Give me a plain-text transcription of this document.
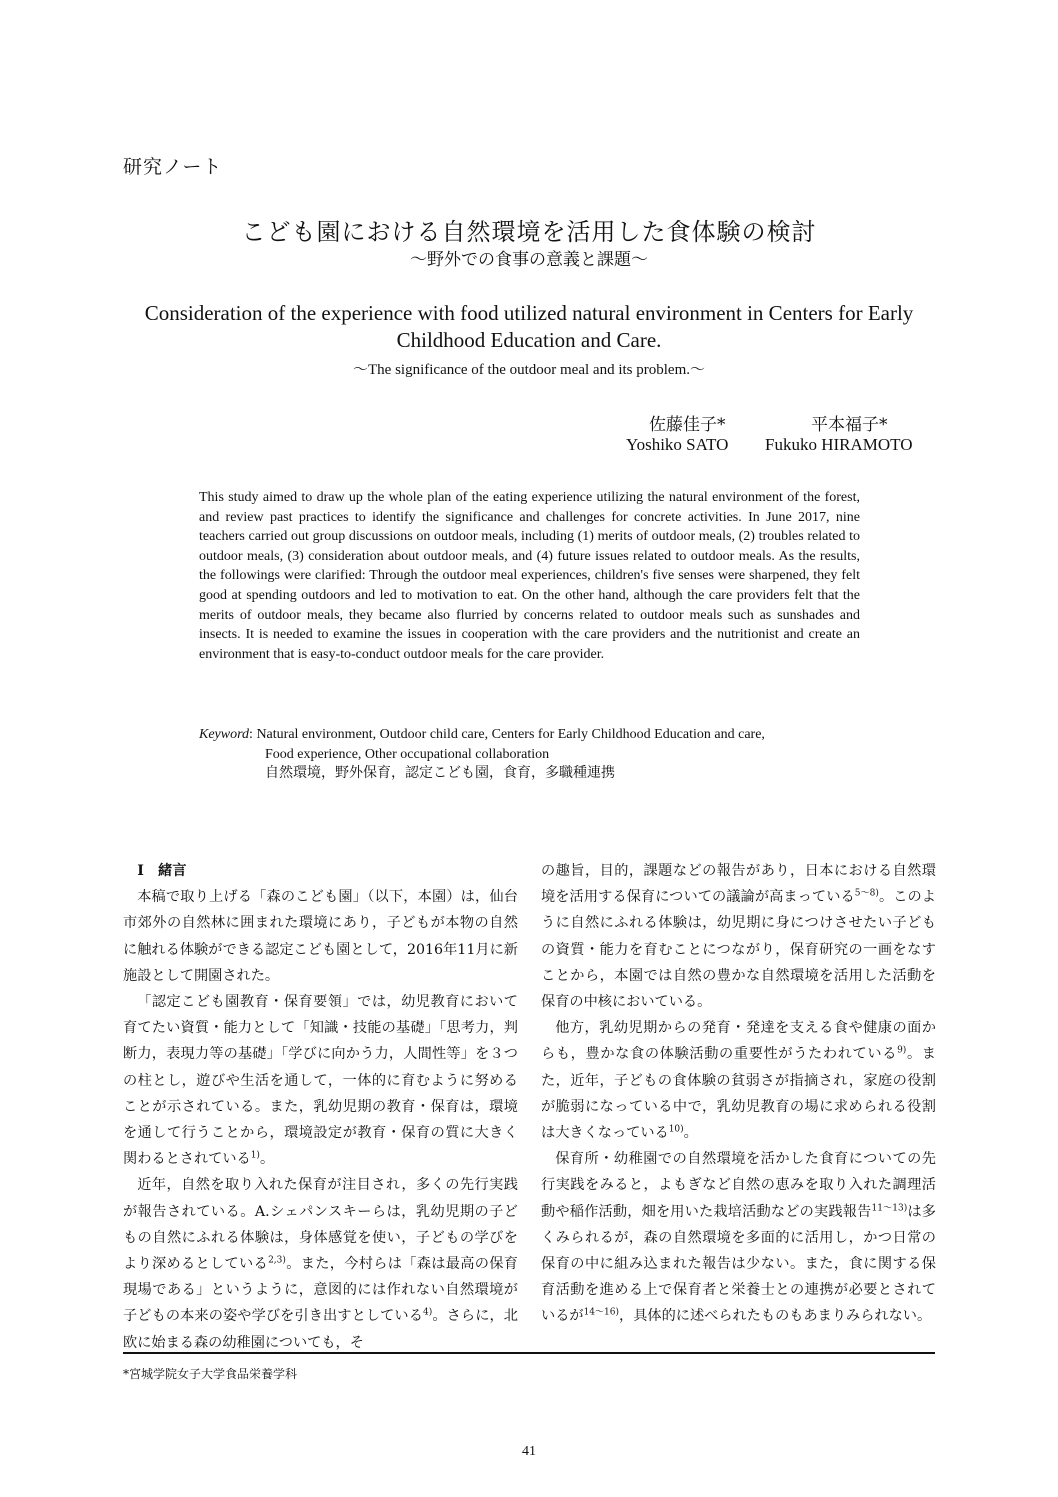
研究ノート
こども園における自然環境を活用した食体験の検討
～野外での食事の意義と課題～
Consideration of the experience with food utilized natural environment in Centers for Early Childhood Education and Care.
～The significance of the outdoor meal and its problem.～
佐藤佳子*	平本福子*
Yoshiko SATO Fukuko HIRAMOTO
This study aimed to draw up the whole plan of the eating experience utilizing the natural environment of the forest, and review past practices to identify the significance and challenges for concrete activities. In June 2017, nine teachers carried out group discussions on outdoor meals, including (1) merits of outdoor meals, (2) troubles related to outdoor meals, (3) consideration about outdoor meals, and (4) future issues related to outdoor meals. As the results, the followings were clarified: Through the outdoor meal experiences, children's five senses were sharpened, they felt good at spending outdoors and led to motivation to eat. On the other hand, although the care providers felt that the merits of outdoor meals, they became also flurried by concerns related to outdoor meals such as sunshades and insects. It is needed to examine the issues in cooperation with the care providers and the nutritionist and create an environment that is easy-to-conduct outdoor meals for the care provider.
Keyword: Natural environment, Outdoor child care, Centers for Early Childhood Education and care,
Food experience, Other occupational collaboration
自然環境，野外保育，認定こども園，食育，多職種連携

Ⅰ　緒言

本稿で取り上げる「森のこども園」（以下，本園）は，仙台市郊外の自然林に囲まれた環境にあり，子どもが本物の自然に触れる体験ができる認定こども園として，2016年11月に新施設として開園された。

「認定こども園教育・保育要領」では，幼児教育において育てたい資質・能力として「知識・技能の基礎」「思考力，判断力，表現力等の基礎」「学びに向かう力，人間性等」を３つの柱とし，遊びや生活を通して，一体的に育むように努めることが示されている。また，乳幼児期の教育・保育は，環境を通して行うことから，環境設定が教育・保育の質に大きく関わるとされている$^{1)}$。

近年，自然を取り入れた保育が注目され，多くの先行実践が報告されている。A.シェパンスキーらは，乳幼児期の子どもの自然にふれる体験は，身体感覚を使い，子どもの学びをより深めるとしている$^{2,3)}$。また，今村らは「森は最高の保育現場である」というように，意図的には作れない自然環境が子どもの本来の姿や学びを引き出すとしている$^{4)}$。さらに，北欧に始まる森の幼稚園についても，そ

の趣旨，目的，課題などの報告があり，日本における自然環境を活用する保育についての議論が高まっている$^{5\sim 8)}$。このように自然にふれる体験は，幼児期に身につけさせたい子どもの資質・能力を育むことにつながり，保育研究の一画をなすことから，本園では自然の豊かな自然環境を活用した活動を保育の中核においている。

他方，乳幼児期からの発育・発達を支える食や健康の面からも，豊かな食の体験活動の重要性がうたわれている$^{9)}$。また，近年，子どもの食体験の貧弱さが指摘され，家庭の役割が脆弱になっている中で，乳幼児教育の場に求められる役割は大きくなっている$^{10)}$。

保育所・幼稚園での自然環境を活かした食育についての先行実践をみると，よもぎなど自然の恵みを取り入れた調理活動や稲作活動，畑を用いた栽培活動などの実践報告$^{11\sim 13)}$は多くみられるが，森の自然環境を多面的に活用し，かつ日常の保育の中に組み込まれた報告は少ない。また，食に関する保育活動を進める上で保育者と栄養士との連携が必要とされているが$^{14\sim 16)}$，具体的に述べられたものもあまりみられない。

*宮城学院女子大学食品栄養学科
41
